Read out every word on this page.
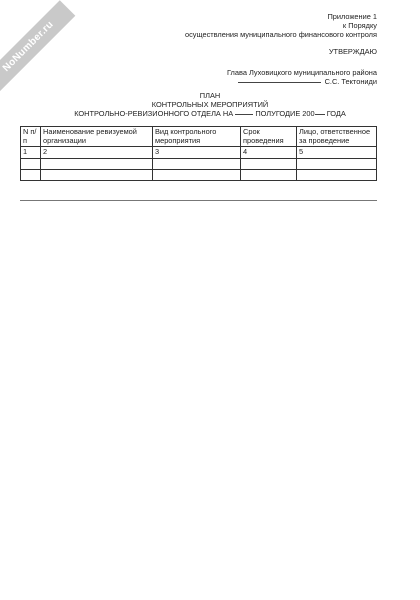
NoNumber.ru
Приложение 1
к Порядку
осуществления муниципального финансового контроля
УТВЕРЖДАЮ
Глава Луховицкого муниципального района
С.С. Тектониди
ПЛАН
КОНТРОЛЬНЫХ МЕРОПРИЯТИЙ
КОНТРОЛЬНО-РЕВИЗИОННОГО ОТДЕЛА НА	ПОЛУГОДИЕ 200 ГОДА
N п/п	Наименование ревизуемой организации	Вид контрольного мероприятия	Срок проведения	Лицо, ответственное за проведение
1	2	3	4	5
